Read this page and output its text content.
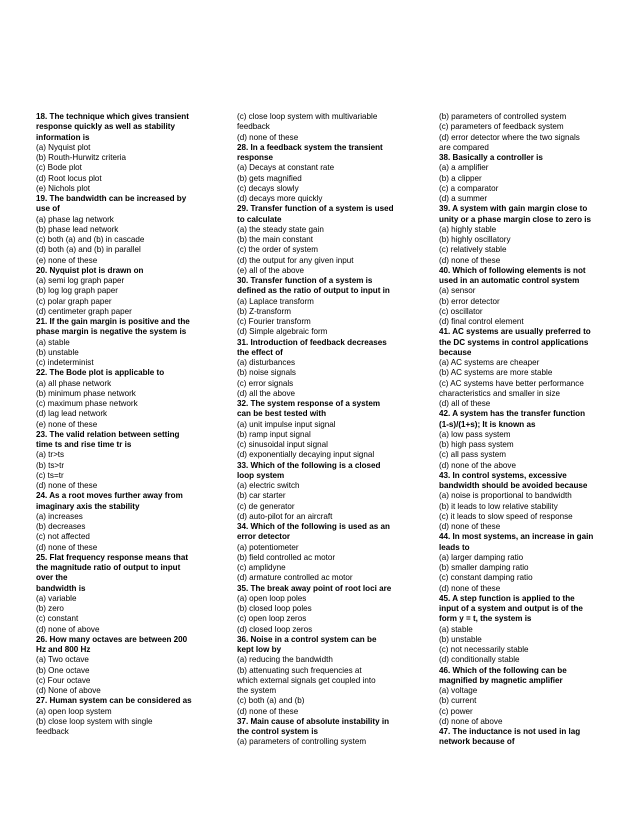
18. The technique which gives transient
response quickly as well as stability
information is
(a) Nyquist plot
(b) Routh-Hurwitz criteria
(c) Bode plot
(d) Root locus plot
(e) Nichols plot
19. The bandwidth can be increased by
use of
(a) phase lag network
(b) phase lead network
(c) both (a) and (b) in cascade
(d) both (a) and (b) in parallel
(e) none of these
20. Nyquist plot is drawn on
(a) semi log graph paper
(b) log log graph paper
(c) polar graph paper
(d) centimeter graph paper
21. If the gain margin is positive and the
phase margin is negative the system is
(a) stable
(b) unstable
(c) indeterminist
22. The Bode plot is applicable to
(a) all phase network
(b) minimum phase network
(c) maximum phase network
(d) lag lead network
(e) none of these
23. The valid relation between setting
time ts and rise time tr is
(a) tr>ts
(b) ts>tr
(c) ts=tr
(d) none of these
24. As a root moves further away from
imaginary axis the stability
(a) increases
(b) decreases
(c) not affected
(d) none of these
25. Flat frequency response means that
the magnitude ratio of output to input
over the
bandwidth is
(a) variable
(b) zero
(c) constant
(d) none of above
26. How many octaves are between 200
Hz and 800 Hz
(a) Two octave
(b) One octave
(c) Four octave
(d) None of above
27. Human system can be considered as
(a) open loop system
(b) close loop system with single
feedback
(c) close loop system with multivariable
feedback
(d) none of these
28. In a feedback system the transient
response
(a) Decays at constant rate
(b) gets magnified
(c) decays slowly
(d) decays more quickly
29. Transfer function of a system is used
to calculate
(a) the steady state gain
(b) the main constant
(c) the order of system
(d) the output for any given input
(e) all of the above
30. Transfer function of a system is
defined as the ratio of output to input in
(a) Laplace transform
(b) Z-transform
(c) Fourier transform
(d) Simple algebraic form
31. Introduction of feedback decreases
the effect of
(a) disturbances
(b) noise signals
(c) error signals
(d) all the above
32. The system response of a system
can be best tested with
(a) unit impulse input signal
(b) ramp input signal
(c) sinusoidal input signal
(d) exponentially decaying input signal
33. Which of the following is a closed
loop system
(a) electric switch
(b) car starter
(c) de generator
(d) auto-pilot for an aircraft
34. Which of the following is used as an
error detector
(a) potentiometer
(b) field controlled ac motor
(c) amplidyne
(d) armature controlled ac motor
35. The break away point of root loci are
(a) open loop poles
(b) closed loop poles
(c) open loop zeros
(d) closed loop zeros
36. Noise in a control system can be
kept low by
(a) reducing the bandwidth
(b) attenuating such frequencies at
which external signals get coupled into
the system
(c) both (a) and (b)
(d) none of these
37. Main cause of absolute instability in
the control system is
(a) parameters of controlling system
(b) parameters of controlled system
(c) parameters of feedback system
(d) error detector where the two signals
are compared
38. Basically a controller is
(a) a amplifier
(b) a clipper
(c) a comparator
(d) a summer
39. A system with gain margin close to
unity or a phase margin close to zero is
(a) highly stable
(b) highly oscillatory
(c) relatively stable
(d) none of these
40. Which of following elements is not
used in an automatic control system
(a) sensor
(b) error detector
(c) oscillator
(d) final control element
41. AC systems are usually preferred to
the DC systems in control applications
because
(a) AC systems are cheaper
(b) AC systems are more stable
(c) AC systems have better performance
characteristics and smaller in size
(d) all of these
42. A system has the transfer function
(1-s)/(1+s); It is known as
(a) low pass system
(b) high pass system
(c) all pass system
(d) none of the above
43. In control systems, excessive
bandwidth should be avoided because
(a) noise is proportional to bandwidth
(b) it leads to low relative stability
(c) it leads to slow speed of response
(d) none of these
44. In most systems, an increase in gain
leads to
(a) larger damping ratio
(b) smaller damping ratio
(c) constant damping ratio
(d) none of these
45. A step function is applied to the
input of a system and output is of the
form y = t, the system is
(a) stable
(b) unstable
(c) not necessarily stable
(d) conditionally stable
46. Which of the following can be
magnified by magnetic amplifier
(a) voltage
(b) current
(c) power
(d) none of above
47. The inductance is not used in lag
network because of
